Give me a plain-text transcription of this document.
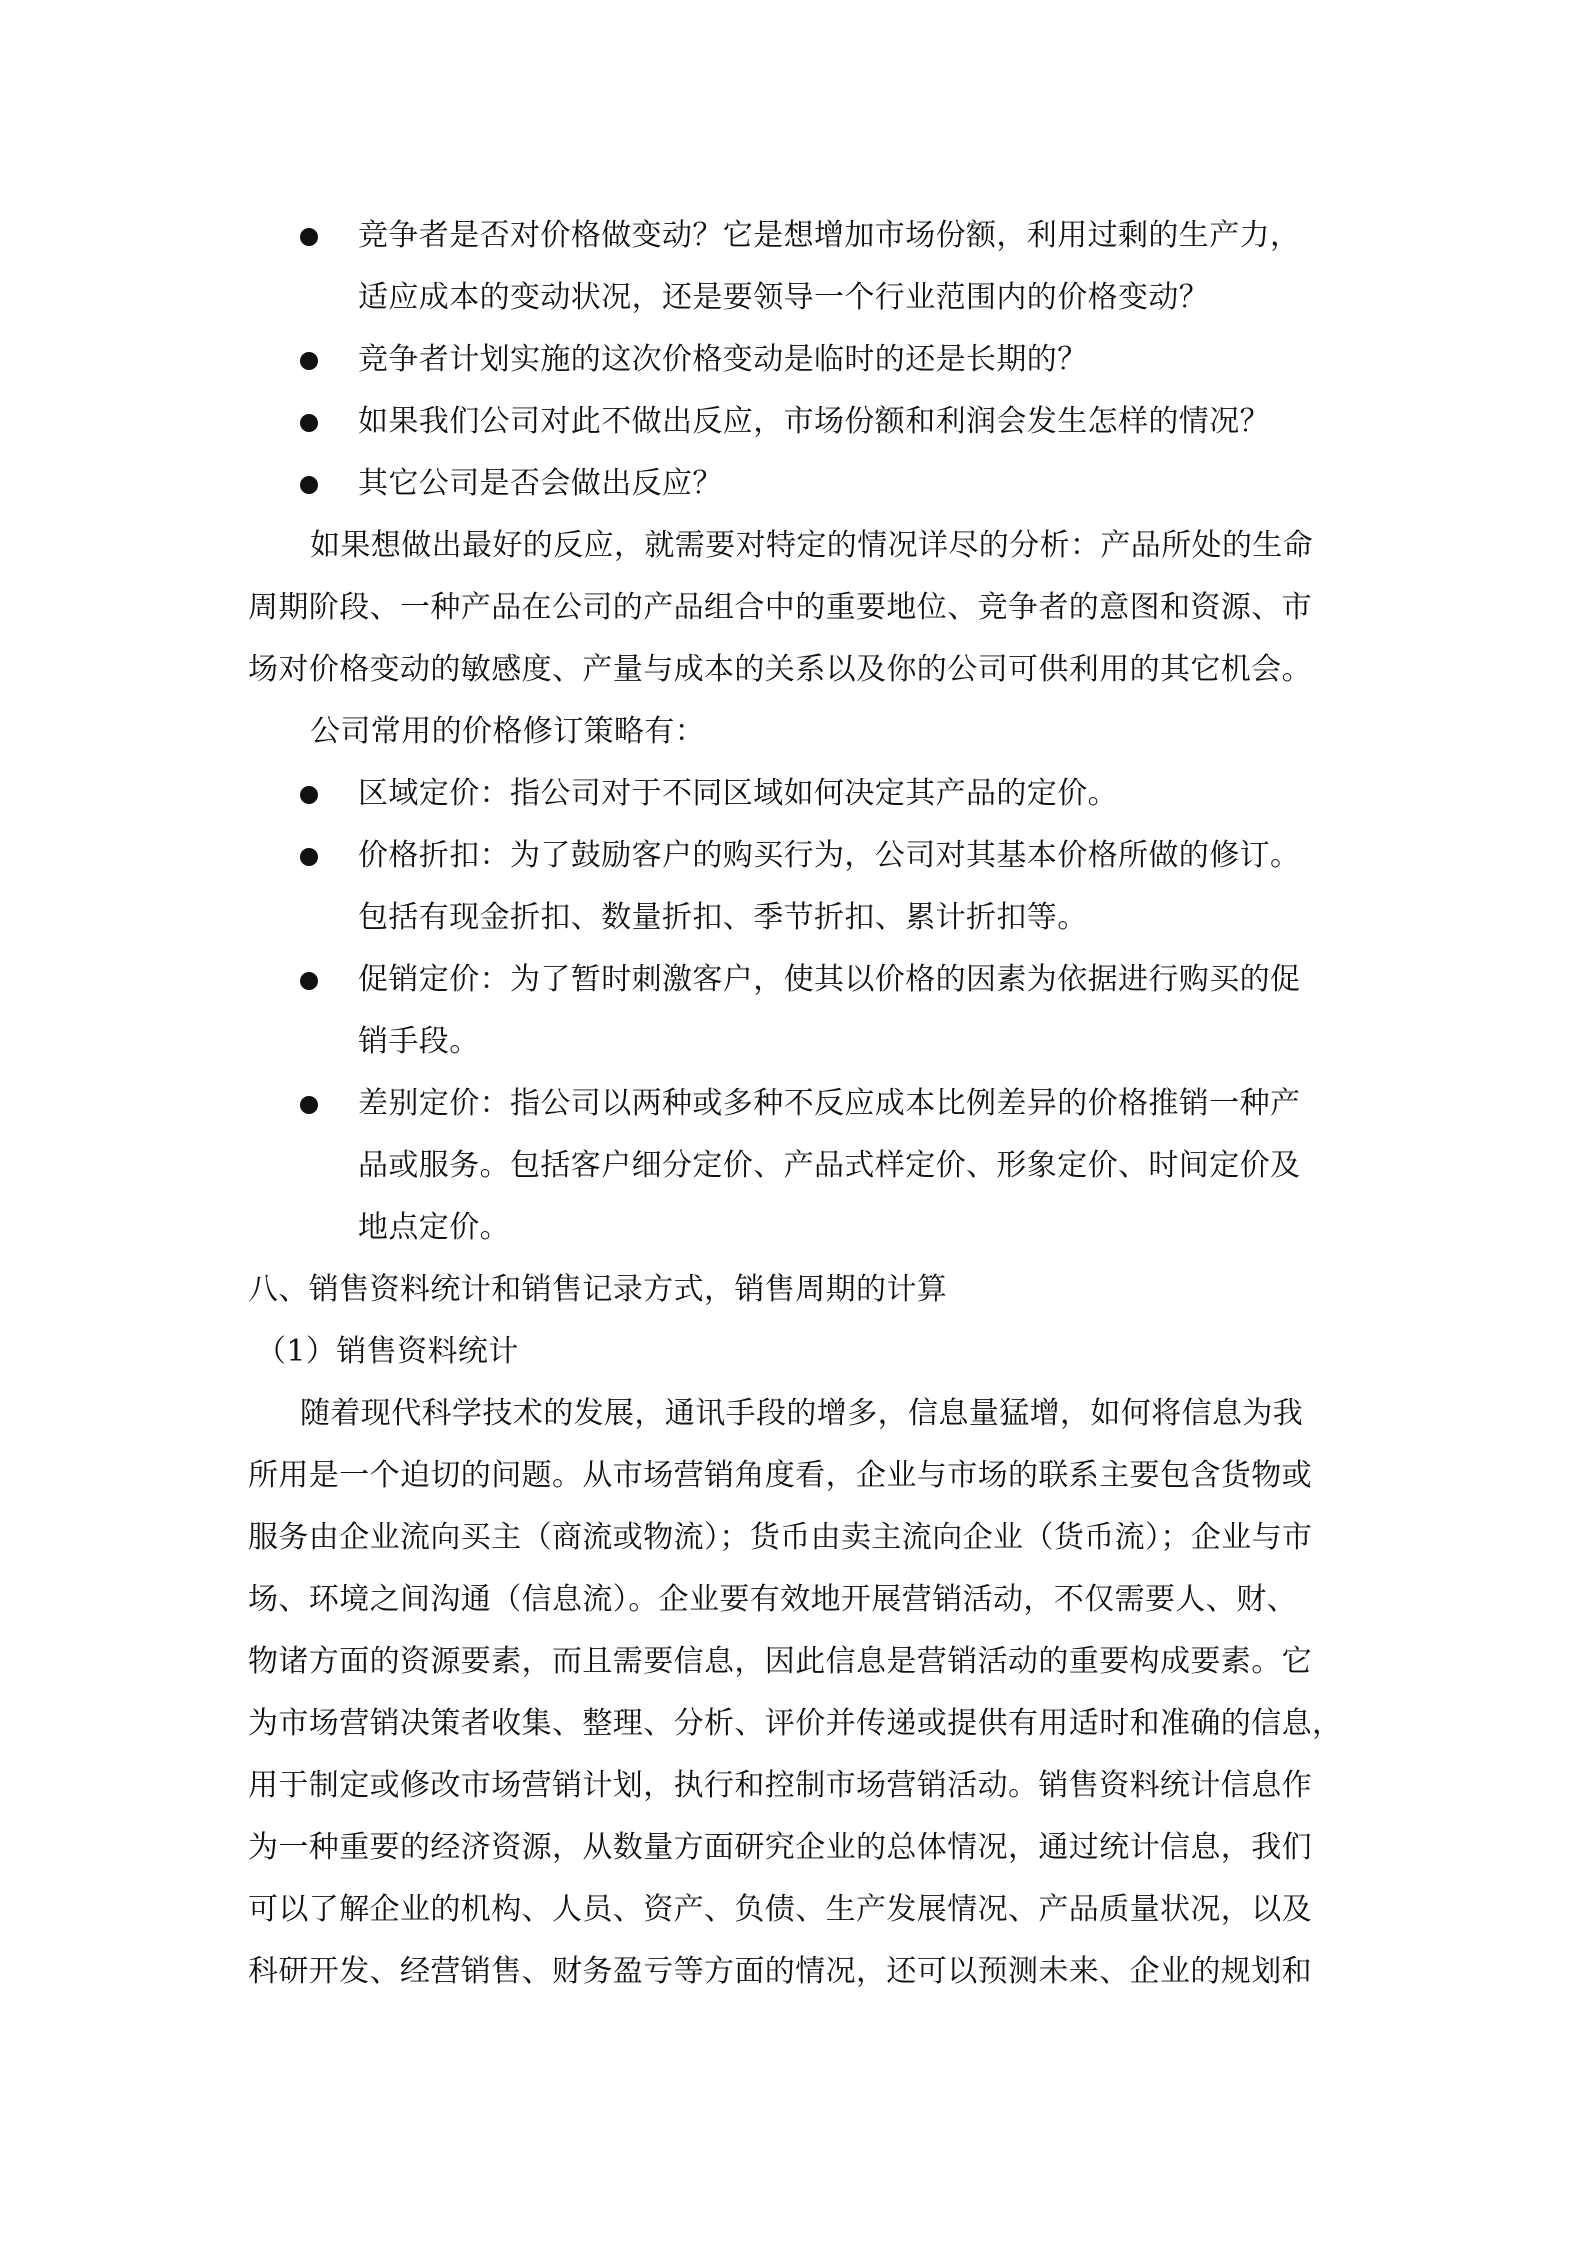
竞争者是否对价格做变动？它是想增加市场份额，利用过剩的生产力，
适应成本的变动状况，还是要领导一个行业范围内的价格变动？
竞争者计划实施的这次价格变动是临时的还是长期的？
如果我们公司对此不做出反应，市场份额和利润会发生怎样的情况？
其它公司是否会做出反应？
如果想做出最好的反应，就需要对特定的情况详尽的分析：产品所处的生命
周期阶段、一种产品在公司的产品组合中的重要地位、竞争者的意图和资源、市
场对价格变动的敏感度、产量与成本的关系以及你的公司可供利用的其它机会。
公司常用的价格修订策略有：
区域定价：指公司对于不同区域如何决定其产品的定价。
价格折扣：为了鼓励客户的购买行为，公司对其基本价格所做的修订。
包括有现金折扣、数量折扣、季节折扣、累计折扣等。
促销定价：为了暂时刺激客户，使其以价格的因素为依据进行购买的促
销手段。
差别定价：指公司以两种或多种不反应成本比例差异的价格推销一种产
品或服务。包括客户细分定价、产品式样定价、形象定价、时间定价及
地点定价。
八、销售资料统计和销售记录方式，销售周期的计算
（1）销售资料统计
随着现代科学技术的发展，通讯手段的增多，信息量猛增，如何将信息为我
所用是一个迫切的问题。从市场营销角度看，企业与市场的联系主要包含货物或
服务由企业流向买主（商流或物流）；货币由卖主流向企业（货币流）；企业与市
场、环境之间沟通（信息流）。企业要有效地开展营销活动，不仅需要人、财、
物诸方面的资源要素，而且需要信息，因此信息是营销活动的重要构成要素。它
为市场营销决策者收集、整理、分析、评价并传递或提供有用适时和准确的信息，
用于制定或修改市场营销计划，执行和控制市场营销活动。销售资料统计信息作
为一种重要的经济资源，从数量方面研究企业的总体情况，通过统计信息，我们
可以了解企业的机构、人员、资产、负债、生产发展情况、产品质量状况，以及
科研开发、经营销售、财务盈亏等方面的情况，还可以预测未来、企业的规划和
